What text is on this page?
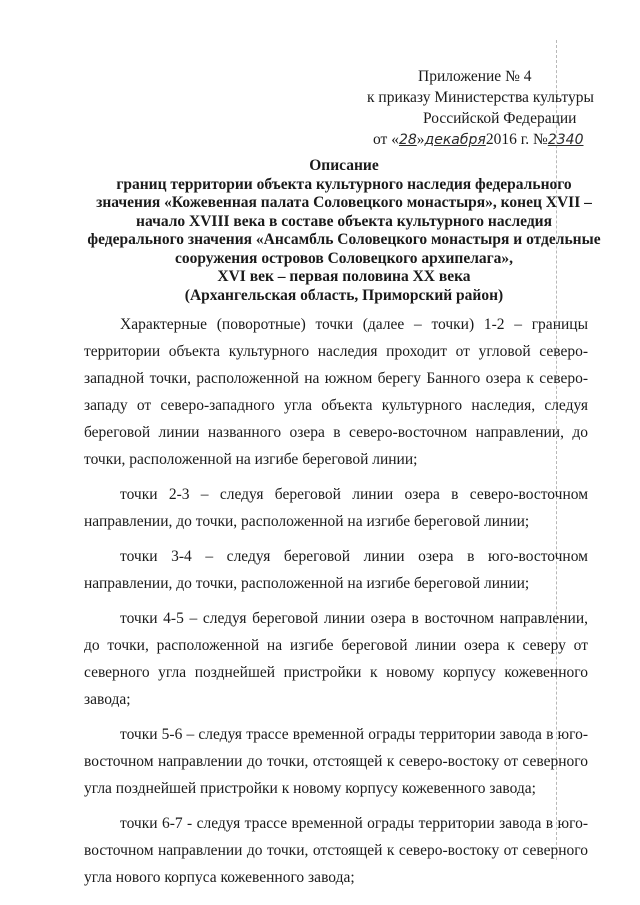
Приложение № 4
к приказу Министерства культуры
Российской Федерации
от «28»декабря2016 г. №2340
Описание
границ территории объекта культурного наследия федерального
значения «Кожевенная палата Соловецкого монастыря», конец XVII –
начало XVIII века в составе объекта культурного наследия
федерального значения «Ансамбль Соловецкого монастыря и отдельные
сооружения островов Соловецкого архипелага»,
XVI век – первая половина XX века
(Архангельская область, Приморский район)

Характерные (поворотные) точки (далее – точки) 1-2 – границы территории объекта культурного наследия проходит от угловой северо-западной точки, расположенной на южном берегу Банного озера к северо-западу от северо-западного угла объекта культурного наследия, следуя береговой линии названного озера в северо-восточном направлении, до точки, расположенной на изгибе береговой линии;

точки 2-3 – следуя береговой линии озера в северо-восточном направлении, до точки, расположенной на изгибе береговой линии;

точки 3-4 – следуя береговой линии озера в юго-восточном направлении, до точки, расположенной на изгибе береговой линии;

точки 4-5 – следуя береговой линии озера в восточном направлении, до точки, расположенной на изгибе береговой линии озера к северу от северного угла позднейшей пристройки к новому корпусу кожевенного завода;

точки 5-6 – следуя трассе временной ограды территории завода в юго-восточном направлении до точки, отстоящей к северо-востоку от северного угла позднейшей пристройки к новому корпусу кожевенного завода;

точки 6-7 - следуя трассе временной ограды территории завода в юго-восточном направлении до точки, отстоящей к северо-востоку от северного угла нового корпуса кожевенного завода;
